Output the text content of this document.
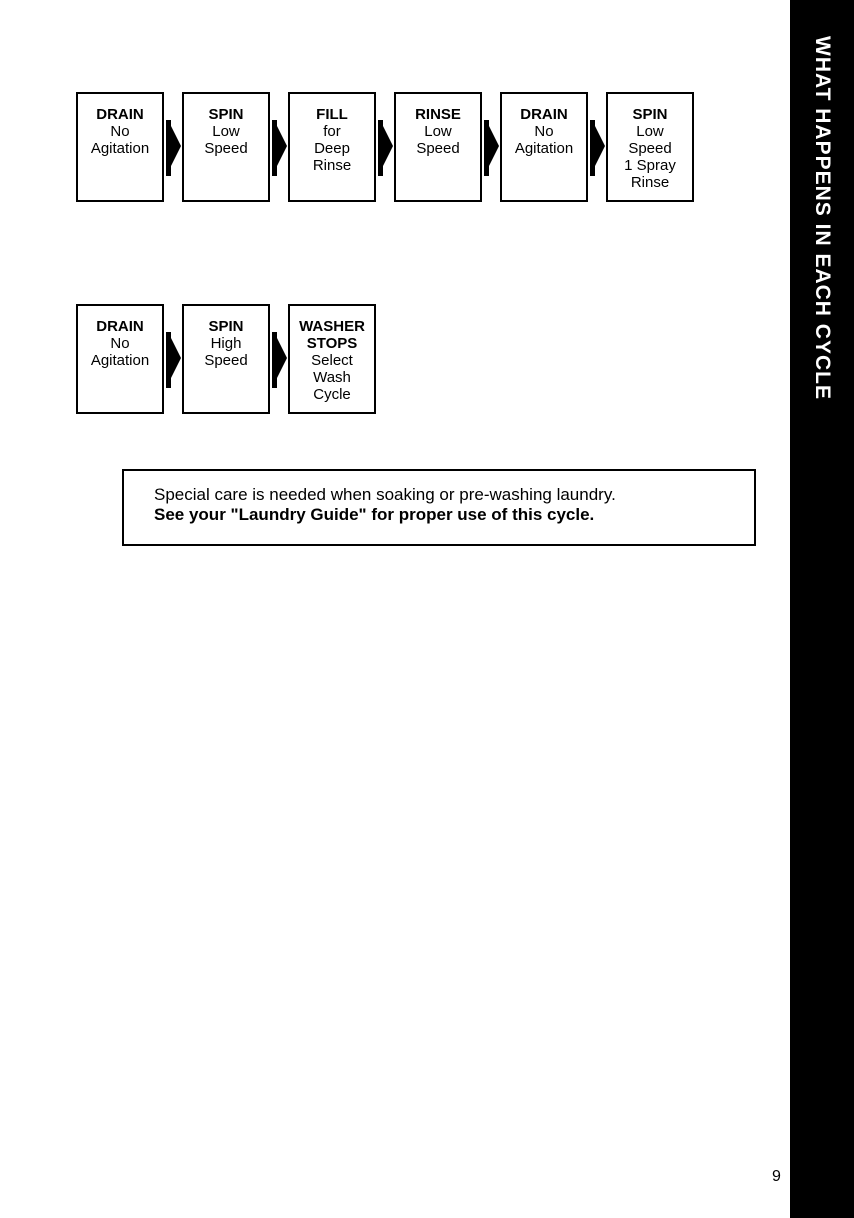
WHAT HAPPENS IN EACH CYCLE
DRAIN
No
Agitation
SPIN
Low
Speed
FILL
for
Deep
Rinse
RINSE
Low
Speed
DRAIN
No
Agitation
SPIN
Low
Speed
1 Spray
Rinse
DRAIN
No
Agitation
SPIN
High
Speed
WASHER
STOPS
Select
Wash
Cycle
Special care is needed when soaking or pre-washing laundry.
See your "Laundry Guide" for proper use of this cycle.
9
